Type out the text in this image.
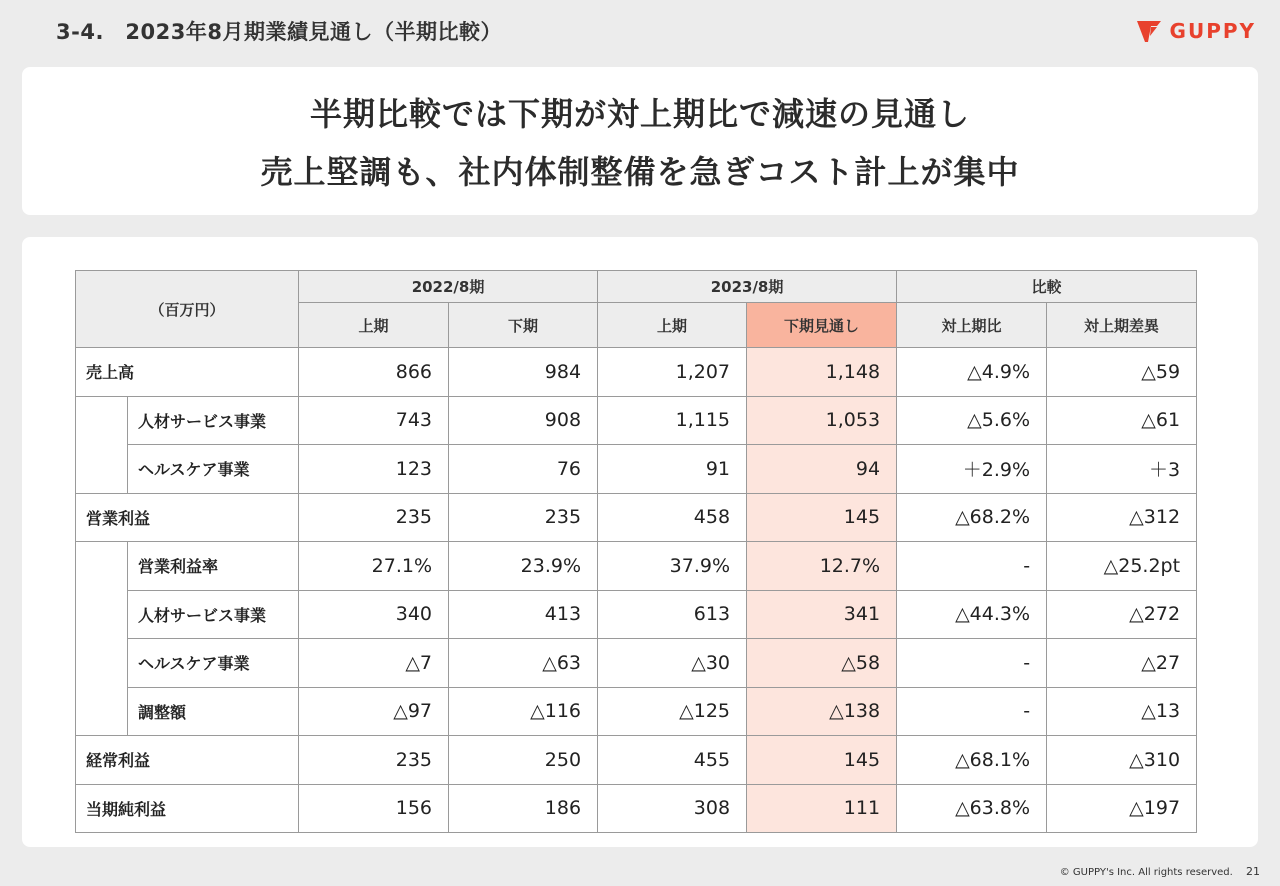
3-4.　2023年8月期業績見通し（半期比較）	GUPPY
半期比較では下期が対上期比で減速の見通し
売上堅調も、社内体制整備を急ぎコスト計上が集中
（百万円）		2022/8期		2023/8期		比較	
		上期	下期	上期	下期見通し	対上期比	対上期差異
売上高		866	984	1,207	1,148	△4.9%	△59
	人材サービス事業	743	908	1,115	1,053	△5.6%	△61
	ヘルスケア事業	123	76	91	94	＋2.9%	＋3
営業利益		235	235	458	145	△68.2%	△312
	営業利益率	27.1%	23.9%	37.9%	12.7%	-	△25.2pt
	人材サービス事業	340	413	613	341	△44.3%	△272
	ヘルスケア事業	△7	△63	△30	△58	-	△27
	調整額	△97	△116	△125	△138	-	△13
経常利益		235	250	455	145	△68.1%	△310
当期純利益		156	186	308	111	△63.8%	△197
© GUPPY's Inc. All rights reserved. 21
